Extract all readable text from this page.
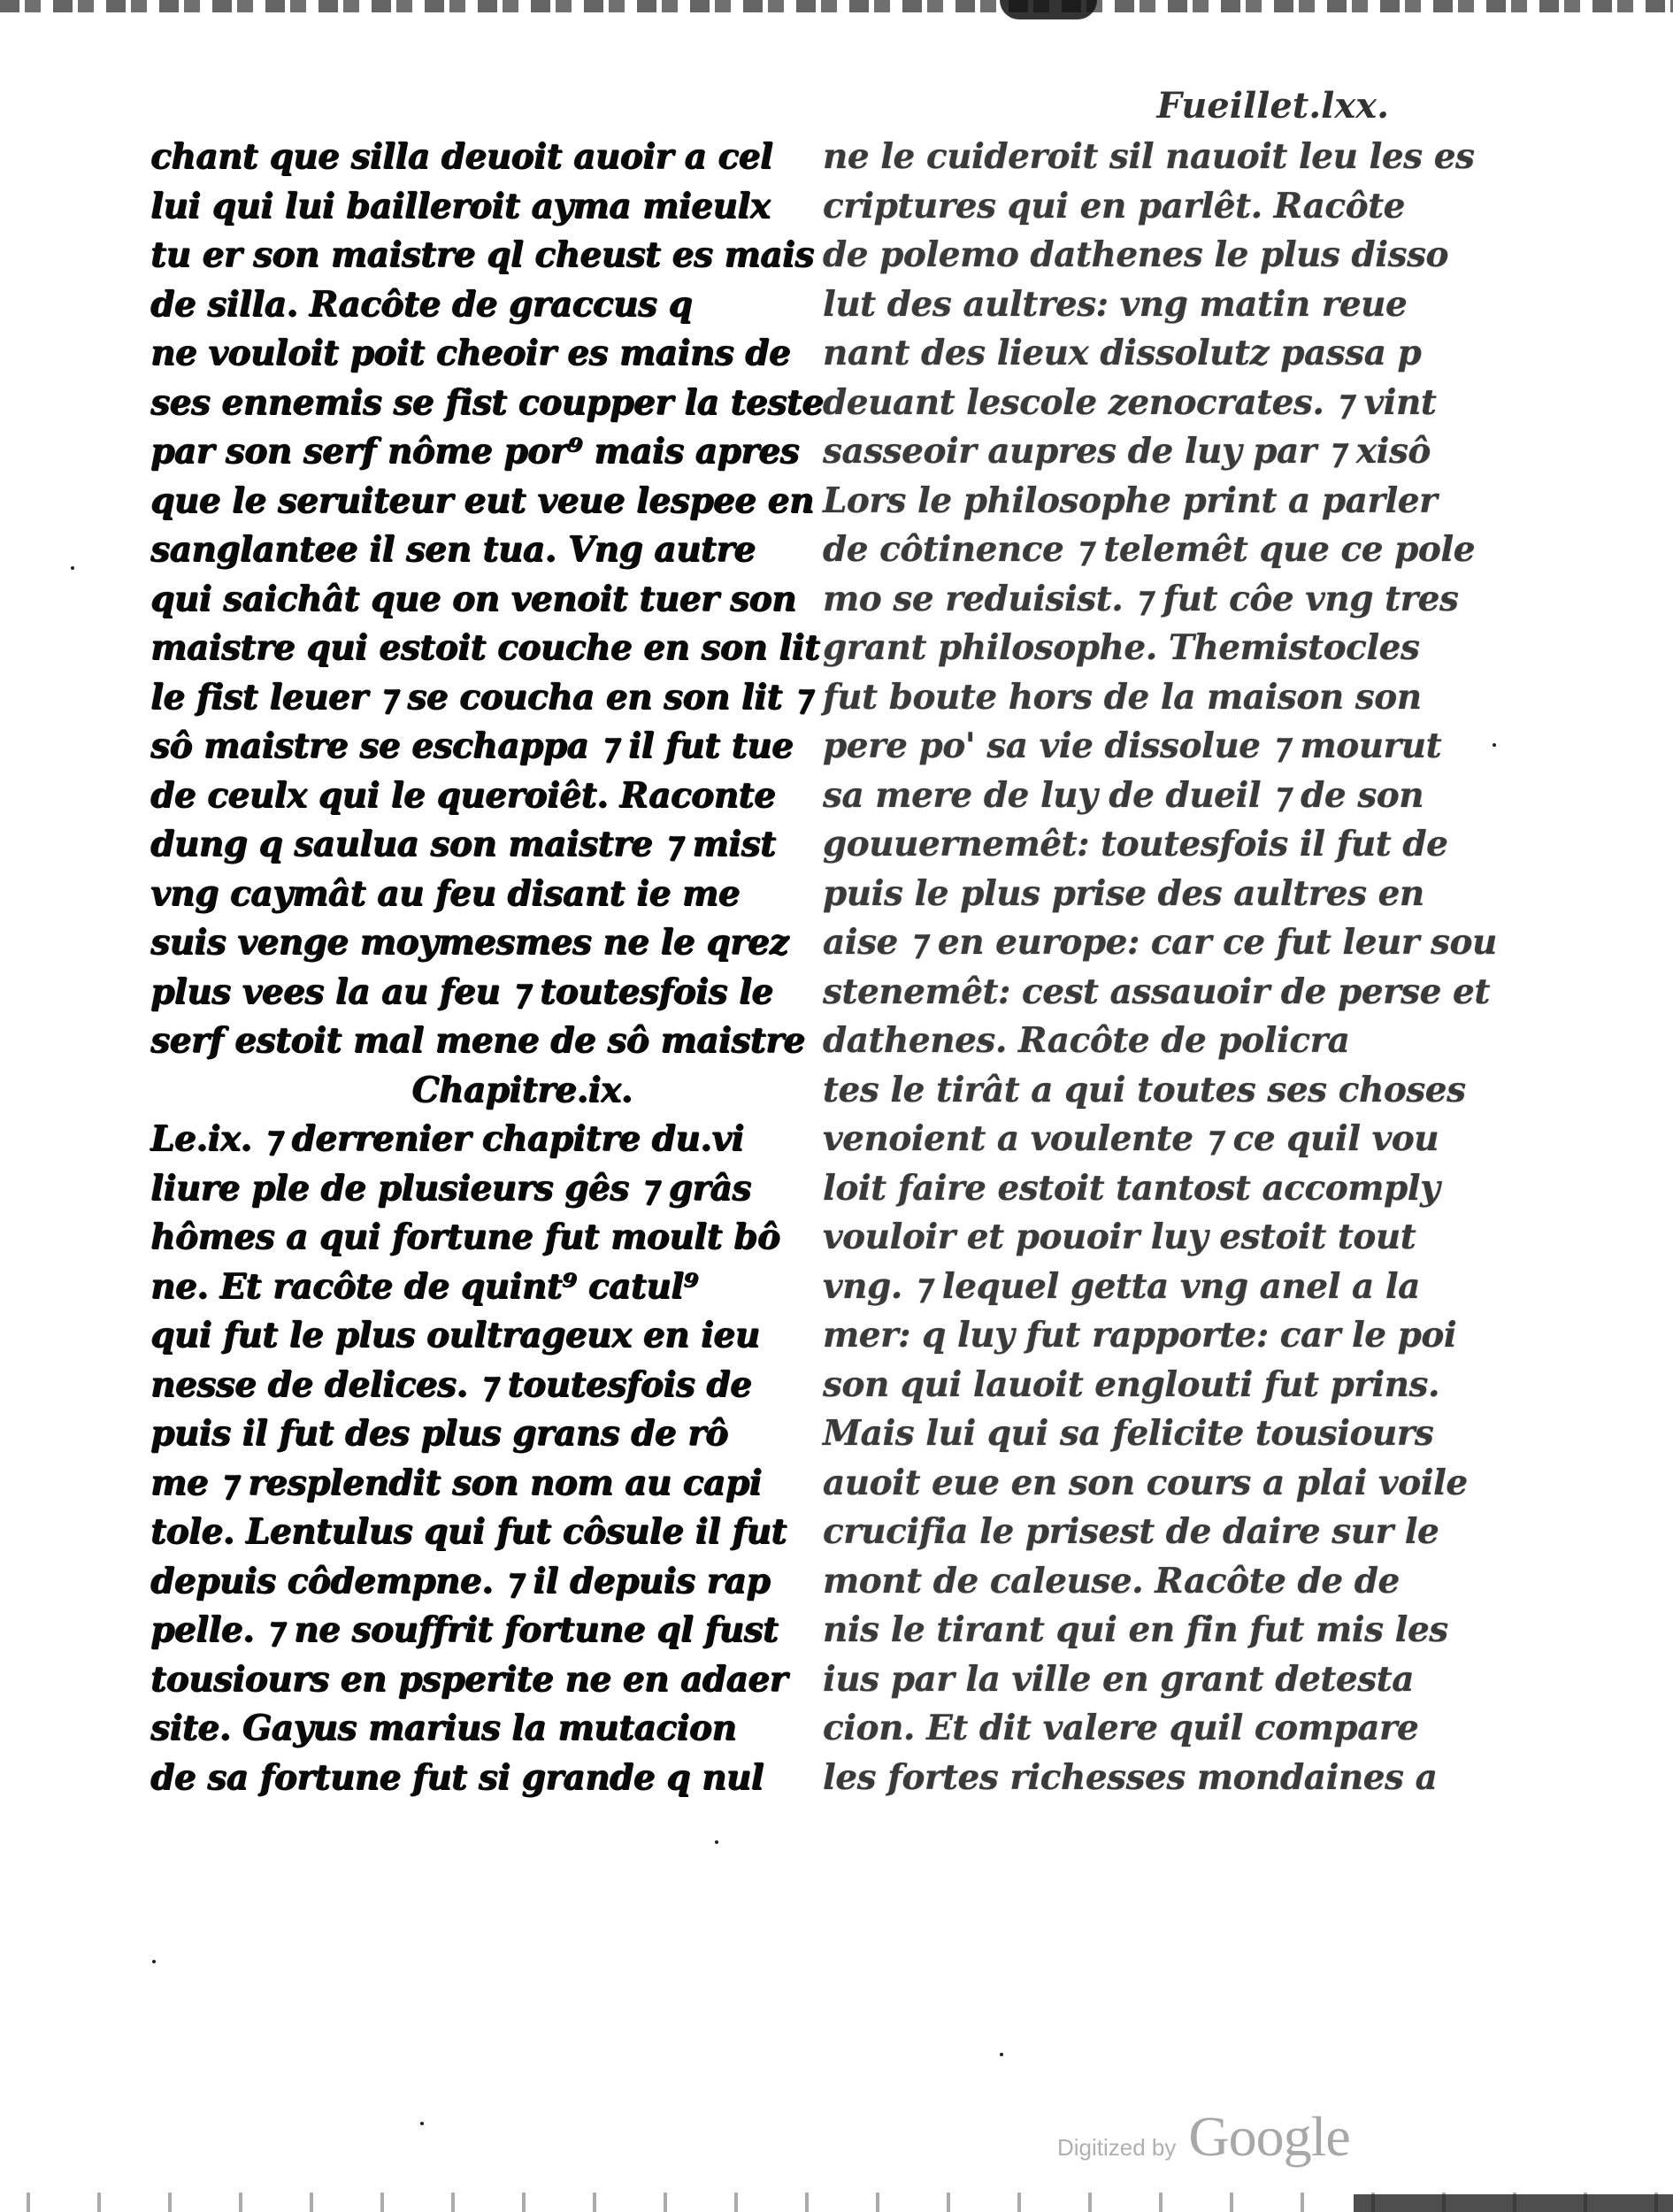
chant que silla deuoit auoir a cel
lui qui lui bailleroit ayma mieulx
tu er son maistre ql cheust es mais
de silla. Racôte de graccus q
ne vouloit poit cheoir es mains de
ses ennemis se fist coupper la teste
par son serf nôme por⁹ mais apres
que le seruiteur eut veue lespee en
sanglantee il sen tua. Vng autre
qui saichât que on venoit tuer son
maistre qui estoit couche en son lit
le fist leuer ⁊ se coucha en son lit ⁊
sô maistre se eschappa ⁊ il fut tue
de ceulx qui le queroiêt. Raconte
dung q saulua son maistre ⁊ mist
vng caymât au feu disant ie me
suis venge moymesmes ne le qrez
plus vees la au feu ⁊ toutesfois le
serf estoit mal mene de sô maistre
Chapitre.ix.
Le.ix. ⁊ derrenier chapitre du.vi
liure ple de plusieurs gês ⁊ grâs
hômes a qui fortune fut moult bô
ne. Et racôte de quint⁹ catul⁹
qui fut le plus oultrageux en ieu
nesse de delices. ⁊ toutesfois de
puis il fut des plus grans de rô
me ⁊ resplendit son nom au capi
tole. Lentulus qui fut côsule il fut
depuis côdempne. ⁊ il depuis rap
pelle. ⁊ ne souffrit fortune ql fust
tousiours en psperite ne en adaer
site. Gayus marius la mutacion
de sa fortune fut si grande q nul
Fueillet.lxx.
ne le cuideroit sil nauoit leu les es
criptures qui en parlêt. Racôte
de polemo dathenes le plus disso
lut des aultres: vng matin reue
nant des lieux dissolutz passa p
deuant lescole zenocrates. ⁊ vint
sasseoir aupres de luy par ⁊ xisô
Lors le philosophe print a parler
de côtinence ⁊ telemêt que ce pole
mo se reduisist. ⁊ fut côe vng tres
grant philosophe. Themistocles
fut boute hors de la maison son
pere po' sa vie dissolue ⁊ mourut
sa mere de luy de dueil ⁊ de son
gouuernemêt: toutesfois il fut de
puis le plus prise des aultres en
aise ⁊ en europe: car ce fut leur sou
stenemêt: cest assauoir de perse et
dathenes. Racôte de policra
tes le tirât a qui toutes ses choses
venoient a voulente ⁊ ce quil vou
loit faire estoit tantost accomply
vouloir et pouoir luy estoit tout
vng. ⁊ lequel getta vng anel a la
mer: q luy fut rapporte: car le poi
son qui lauoit englouti fut prins.
Mais lui qui sa felicite tousiours
auoit eue en son cours a plai voile
crucifia le prisest de daire sur le
mont de caleuse. Racôte de de
nis le tirant qui en fin fut mis les
ius par la ville en grant detesta
cion. Et dit valere quil compare
les fortes richesses mondaines a
Digitized by Google
